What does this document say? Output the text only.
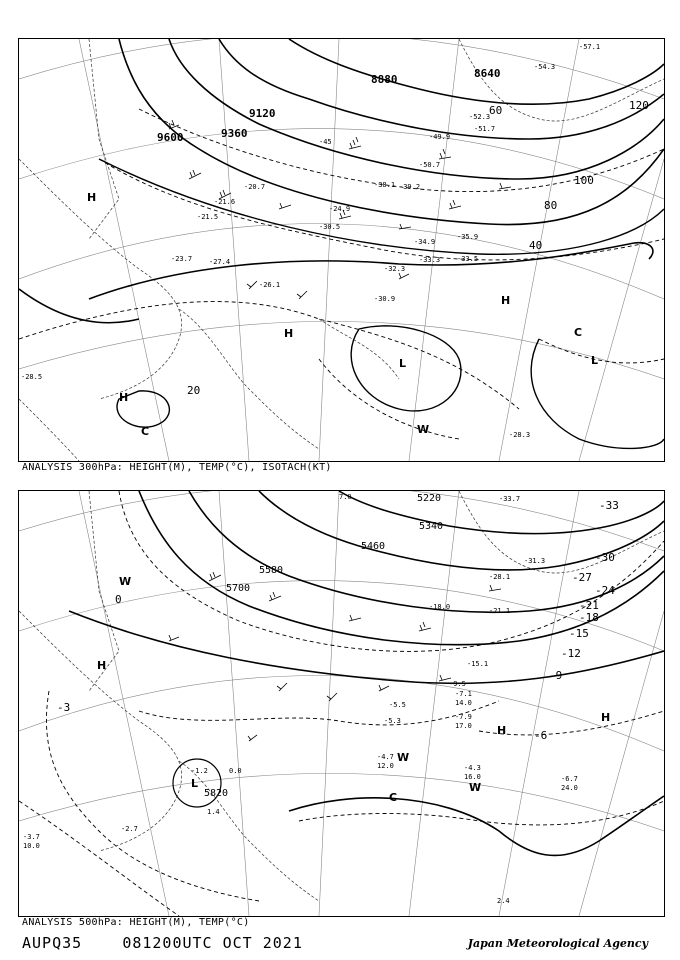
9600	9360
9120
8880	8640
20
40
60
80
100
120
-57.1
-54.3
-52.3
-51.7
-50.7
-49.9
-45
-39.2
-38.1
-35.9
-34.9
-33.5
-33.3
-32.3
-30.9
-30.5
-28.5
-28.3
-27.4
-26.1
-24.9
-23.7
-21.6
-21.5
-20.7
H
H
H
H
L	L
C
C
W
ANALYSIS 300hPa: HEIGHT(M), TEMP(°C), ISOTACH(KT)
5220
5340
5460
5580
5700
5820
-33
-30
-27
-24
-21
-18
-15
-12
-9
-6
-3
0
-33.7
-31.3
-28.1
-21.1
-18.0
-15.1
-9.5
-7.9
-7.1
-6.7
-5.5
-5.3
-4.7
-4.3
-3.7
-2.7
-1.2	0.0
1.4
2.4
7.0
10.0
12.0
14.0
16.0
17.0
24.0
H
H
H
L
W
W
W
C
ANALYSIS 500hPa: HEIGHT(M), TEMP(°C)
AUPQ35	081200UTC OCT 2021	Japan Meteorological Agency
